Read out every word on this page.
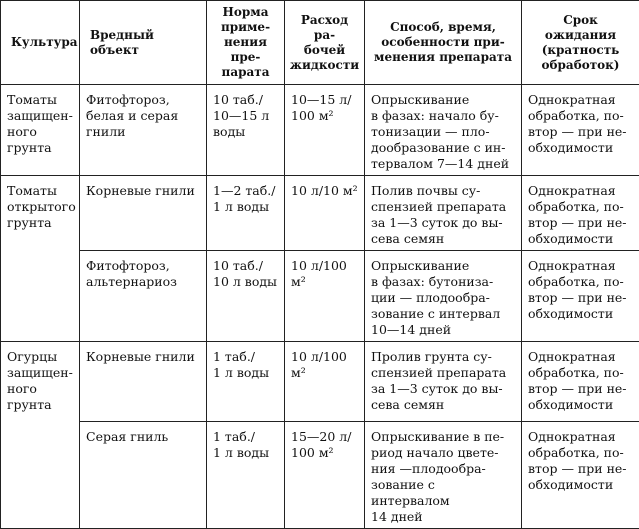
Культура	Вредный объект	Норма
приме-
нения пре-
парата	Расход ра-
бочей
жидкости	Способ, время,
особенности при-
менения препарата	Срок ожидания
(кратность
обработок)
Томаты
защищен-
ного
грунта	Фитофтороз,
белая и серая
гнили	10 таб./
10—15 л
воды	10—15 л/
100 м²	Опрыскивание
в фазах: начало бу-
тонизации — пло-
дообразование с ин-
тервалом 7—14 дней	Однократная
обработка, по-
втор — при не-
обходимости
Томаты
открытого
грунта	Корневые гнили	1—2 таб./
1 л воды	10 л/10 м²	Полив почвы су-
спензией препарата
за 1—3 суток до вы-
сева семян	Однократная
обработка, по-
втор — при не-
обходимости
	Фитофтороз,
альтернариоз	10 таб./
10 л воды	10 л/100 м²	Опрыскивание
в фазах: бутониза-
ции — плодообра-
зование с интервал
10—14 дней	Однократная
обработка, по-
втор — при не-
обходимости
Огурцы
защищен-
ного
грунта	Корневые гнили	1 таб./
1 л воды	10 л/100 м²	Пролив грунта су-
спензией препарата
за 1—3 суток до вы-
сева семян	Однократная
обработка, по-
втор — при не-
обходимости
	Серая гниль	1 таб./
1 л воды	15—20 л/
100 м²	Опрыскивание в пе-
риод начало цвете-
ния —плодообра-
зование с интервалом
14 дней	Однократная
обработка, по-
втор — при не-
обходимости
